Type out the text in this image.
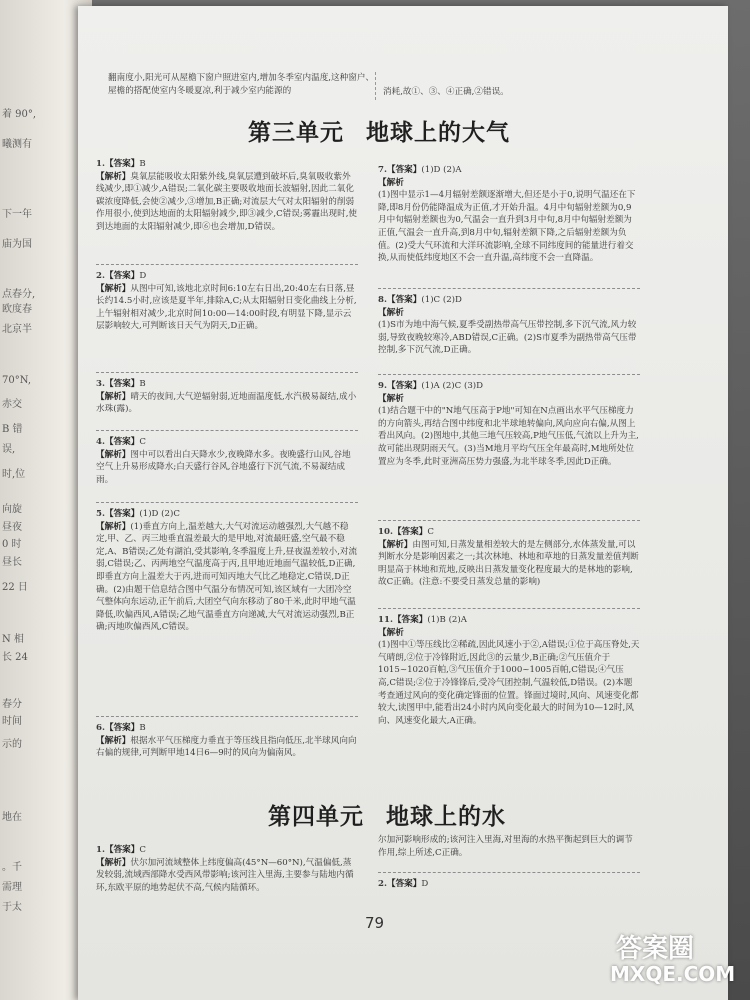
着 90°,
曦测有
下一年
庙为国
点春分,
欧度春
北京半
70°N,
赤交
B 错
误,
时,位
向旋
昼夜
0 时
昼长
22 日
N 相
长 24
春分
时间
示的
地在
。千
需理
于太

翻南度小,阳光可从屋檐下窗户照进室内,增加冬季室内温度,这种窗户、屋檐的搭配使室内冬暖夏凉,利于减少室内能源的	消耗,故①、③、④正确,②错误。

第三单元 地球上的大气

1.【答案】B

【解析】臭氧层能吸收太阳紫外线,臭氧层遭到破坏后,臭氧吸收紫外线减少,即①减少,A错误;二氧化碳主要吸收地面长波辐射,因此二氧化碳浓度降低,会使②减少,③增加,B正确;对流层大气对太阳辐射的削弱作用很小,使到达地面的太阳辐射减少,即③减少,C错误;雾霾出现时,使到达地面的太阳辐射减少,即⑥也会增加,D错误。

2.【答案】D

【解析】从图中可知,该地北京时间6:10左右日出,20:40左右日落,昼长约14.5小时,应该是夏半年,排除A,C;从太阳辐射日变化曲线上分析,上午辐射相对减少,北京时间10:00—14:00时段,有明显下降,显示云层影响较大,可判断该日天气为阴天,D正确。

3.【答案】B

【解析】晴天的夜间,大气逆辐射弱,近地面温度低,水汽极易凝结,成小水珠(露)。

4.【答案】C

【解析】图中可以看出白天降水少,夜晚降水多。夜晚盛行山风,谷地空气上升易形成降水;白天盛行谷风,谷地盛行下沉气流,不易凝结成雨。

5.【答案】(1)D (2)C

【解析】(1)垂直方向上,温差越大,大气对流运动越强烈,大气越不稳定,甲、乙、丙三地垂直温差最大的是甲地,对流最旺盛,空气最不稳定,A、B错误;乙处有湖泊,受其影响,冬季温度上升,昼夜温差较小,对流弱,C错误;乙、丙两地空气温度高于丙,且甲地近地面气温较低,D正确,即垂直方向上温差大于丙,进而可知丙地大气比乙地稳定,C错误,D正确。(2)由题干信息结合图中气温分布情况可知,该区域有一大团冷空气整体向东运动,正午前后,大团空气向东移动了80千米,此时甲地气温降低,吹偏西风,A错误;乙地气温垂直方向递减,大气对流运动强烈,B正确;丙地吹偏西风,C错误。

6.【答案】B

【解析】根据水平气压梯度力垂直于等压线且指向低压,北半球风向向右偏的规律,可判断甲地14日6—9时的风向为偏南风。

7.【答案】(1)D (2)A

【解析

(1)图中显示1—4月辐射差额逐渐增大,但还是小于0,说明气温还在下降,即8月份仍能降温成为正值,才开始升温。4月中旬辐射差额为0,9月中旬辐射差额也为0,气温会一直升到3月中旬,8月中旬辐射差额为正值,气温会一直升高,到8月中旬,辐射差额下降,之后辐射差额为负值。(2)受大气环流和大洋环流影响,全球不同纬度间的能量进行着交换,从而使低纬度地区不会一直升温,高纬度不会一直降温。

8.【答案】(1)C (2)D

【解析

(1)S市为地中海气候,夏季受副热带高气压带控制,多下沉气流,风力较弱,导致夜晚较寒冷,ABD错误,C正确。(2)S市夏季为副热带高气压带控制,多下沉气流,D正确。

9.【答案】(1)A (2)C (3)D

【解析

(1)结合题干中的"N地气压高于P地"可知在N点画出水平气压梯度力的方向箭头,再结合图中纬度和北半球地转偏向,风向应向右偏,从图上看出风向。(2)图地中,其他三地气压较高,P地气压低,气流以上升为主,故可能出现阴雨天气。(3)当M地月平均气压全年最高时,M地所处位置应为冬季,此时亚洲高压势力强盛,为北半球冬季,因此D正确。

10.【答案】C

【解析】由图可知,日蒸发量相差较大的是左侧部分,水体蒸发量,可以判断水分是影响因素之一;其次林地、林地和草地的日蒸发量差值判断明显高于林地和荒地,反映出日蒸发量变化程度最大的是林地的影响,故C正确。(注意:不要受日蒸发总量的影响)

11.【答案】(1)B (2)A

【解析

(1)图中①等压线比②稀疏,因此风速小于②,A错误;①位于高压脊处,天气晴朗,②位于冷锋附近,因此③的云量少,B正确;②气压值介于1015~1020百帕,③气压值介于1000~1005百帕,C错误;④气压高,C错误;②位于冷锋锋后,受冷气团控制,气温较低,D错误。(2)本题考查通过风向的变化确定锋面的位置。锋面过境时,风向、风速变化都较大,读图甲中,能看出24小时内风向变化最大的时间为10—12时,风向、风速变化最大,A正确。

第四单元 地球上的水

1.【答案】C

【解析】伏尔加河流域整体上纬度偏高(45°N—60°N),气温偏低,蒸发较弱,流域西部降水受西风带影响;该河注入里海,主要参与陆地内循环,东欧平原的地势起伏不高,气候内陆循环。

尔加河影响形成的;该河注入里海,对里海的水热平衡起到巨大的调节作用,综上所述,C正确。

2.【答案】D

79
答案圈
MXQE.COM
